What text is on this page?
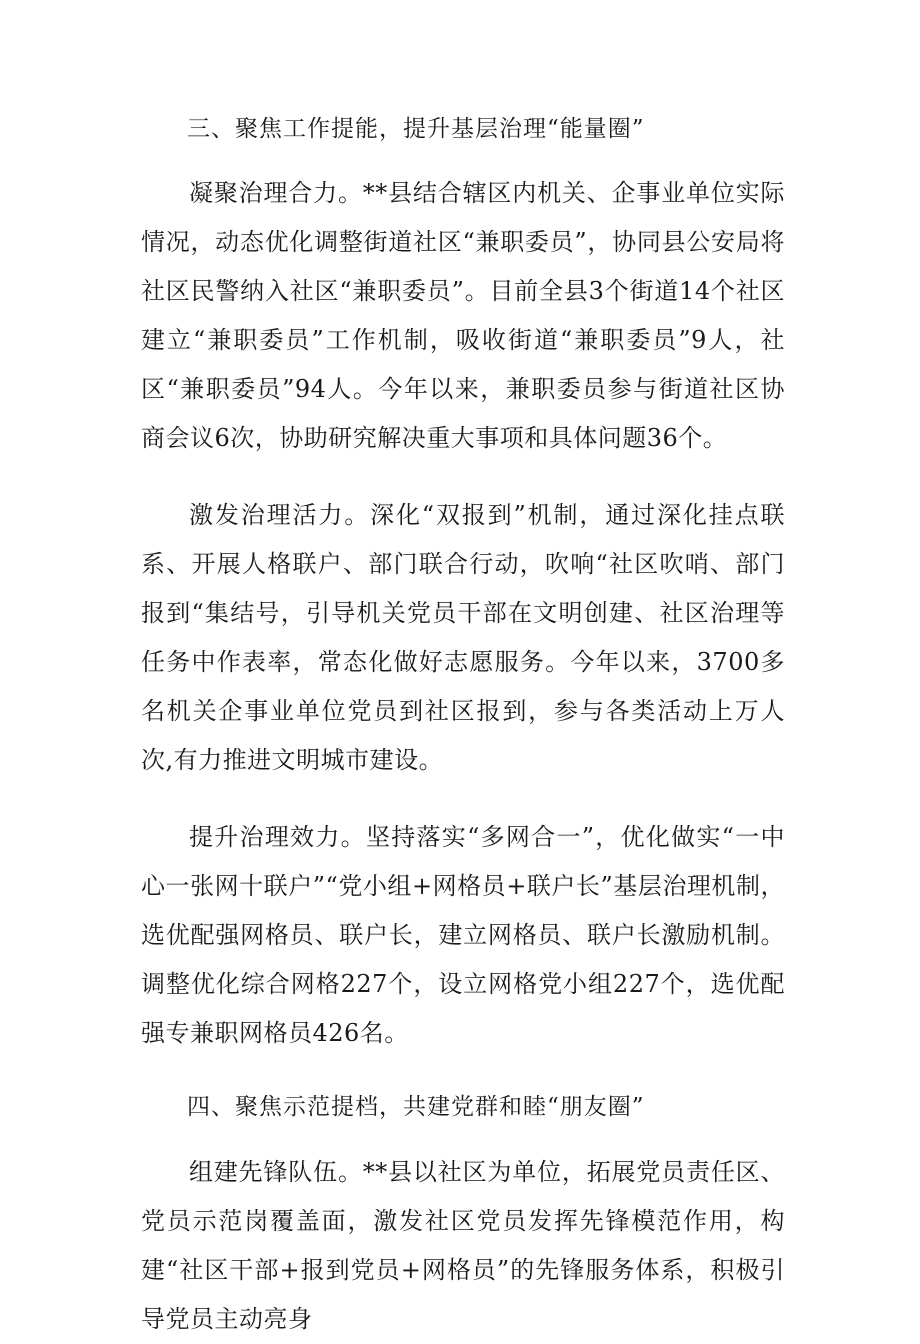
三、聚焦工作提能，提升基层治理“能量圈”

凝聚治理合力。**县结合辖区内机关、企事业单位实际情况，动态优化调整街道社区“兼职委员”，协同县公安局将社区民警纳入社区“兼职委员”。目前全县3个街道14个社区建立“兼职委员”工作机制，吸收街道“兼职委员”9人，社区“兼职委员”94人。今年以来，兼职委员参与街道社区协商会议6次，协助研究解决重大事项和具体问题36个。

激发治理活力。深化“双报到”机制，通过深化挂点联系、开展人格联户、部门联合行动，吹响“社区吹哨、部门报到“集结号，引导机关党员干部在文明创建、社区治理等任务中作表率，常态化做好志愿服务。今年以来，3700多名机关企事业单位党员到社区报到，参与各类活动上万人次,有力推进文明城市建设。

提升治理效力。坚持落实“多网合一”，优化做实“一中心一张网十联户”“党小组+网格员+联户长”基层治理机制，选优配强网格员、联户长，建立网格员、联户长激励机制。调整优化综合网格227个，设立网格党小组227个，选优配强专兼职网格员426名。

四、聚焦示范提档，共建党群和睦“朋友圈”

组建先锋队伍。**县以社区为单位，拓展党员责任区、党员示范岗覆盖面，激发社区党员发挥先锋模范作用，构建“社区干部+报到党员+网格员”的先锋服务体系，积极引导党员主动亮身
